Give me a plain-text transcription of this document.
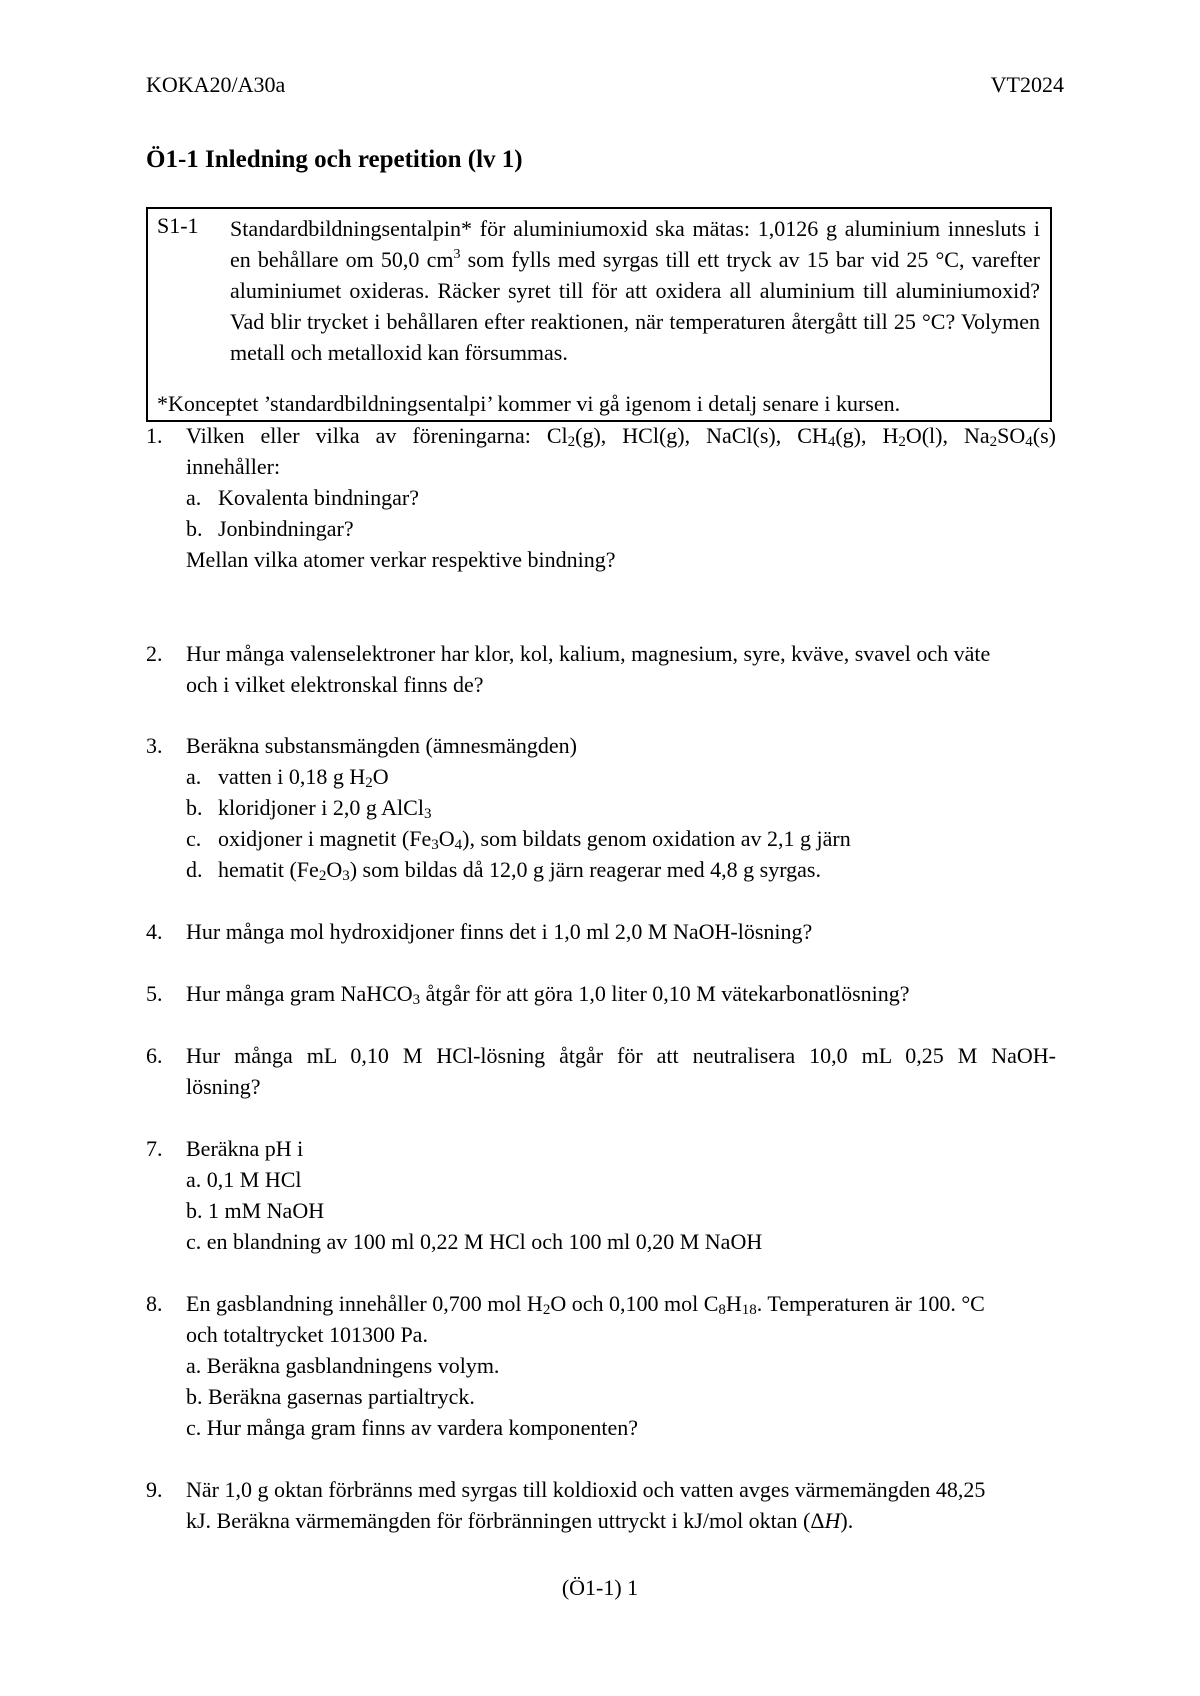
KOKA20/A30a	VT2024
Ö1-1 Inledning och repetition (lv 1)
S1-1 Standardbildningsentalpin* för aluminiumoxid ska mätas: 1,0126 g aluminium innesluts i en behållare om 50,0 $cm^3$ som fylls med syrgas till ett tryck av 15 bar vid 25 °C, varefter aluminiumet oxideras. Räcker syret till för att oxidera all aluminium till aluminiumoxid? Vad blir trycket i behållaren efter reaktionen, när temperaturen återgått till 25 °C? Volymen metall och metalloxid kan försummas.
*Konceptet ’standardbildningsentalpi’ kommer vi gå igenom i detalj senare i kursen.
1. Vilken eller vilka av föreningarna: $Cl_2(g)$, HCl(g), NaCl(s), $CH_4(g)$, $H_2O(l)$, $Na_2SO_4(s)$
innehåller:
a. Kovalenta bindningar?
b. Jonbindningar?
Mellan vilka atomer verkar respektive bindning?
2. Hur många valenselektroner har klor, kol, kalium, magnesium, syre, kväve, svavel och väte
och i vilket elektronskal finns de?
3. Beräkna substansmängden (ämnesmängden)
a. vatten i 0,18 g $H_2O$
b. kloridjoner i 2,0 g AlCl$_3$
c. oxidjoner i magnetit $(Fe_3O_4)$, som bildats genom oxidation av 2,1 g järn
d. hematit $(Fe_2O_3)$ som bildas då 12,0 g järn reagerar med 4,8 g syrgas.
4. Hur många mol hydroxidjoner finns det i 1,0 ml 2,0 M NaOH-lösning?
5. Hur många gram NaHCO$_3$ åtgår för att göra 1,0 liter 0,10 M vätekarbonatlösning?
6. Hur många mL 0,10 M HCl-lösning åtgår för att neutralisera 10,0 mL 0,25 M NaOH-
lösning?
7. Beräkna pH i
a. 0,1 M HCl
b. 1 mM NaOH
c. en blandning av 100 ml 0,22 M HCl och 100 ml 0,20 M NaOH
8. En gasblandning innehåller 0,700 mol $H_2O$ och 0,100 mol $C_8H_{18}$. Temperaturen är 100. °C
och totaltrycket 101300 Pa.
a. Beräkna gasblandningens volym.
b. Beräkna gasernas partialtryck.
c. Hur många gram finns av vardera komponenten?
9. När 1,0 g oktan förbränns med syrgas till koldioxid och vatten avges värmemängden 48,25
kJ. Beräkna värmemängden för förbränningen uttryckt i kJ/mol oktan (ΔH).
(Ö1-1) 1
